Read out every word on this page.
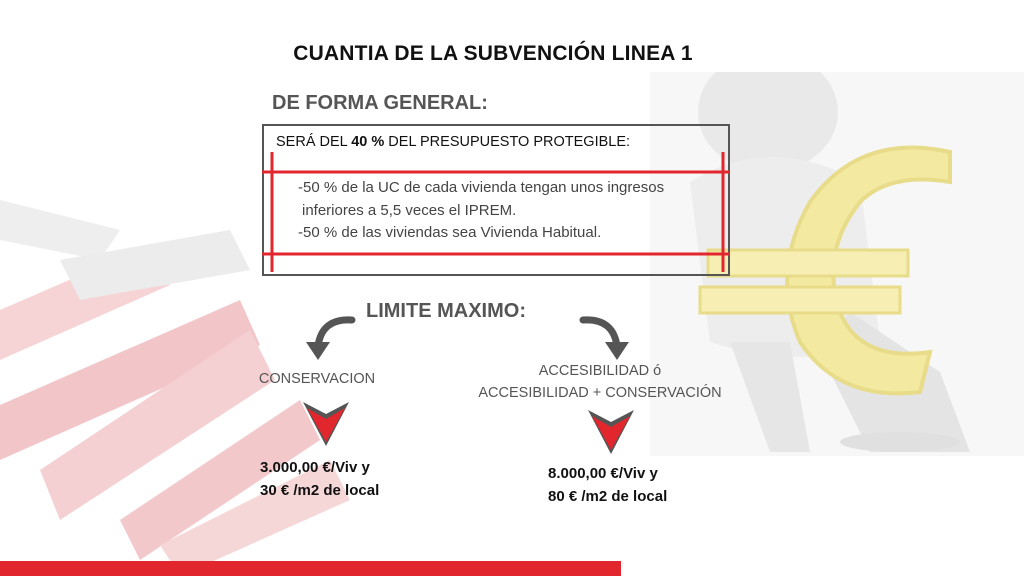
CUANTIA DE LA SUBVENCIÓN LINEA 1
DE FORMA GENERAL:
SERÁ DEL 40 % DEL PRESUPUESTO PROTEGIBLE:
-50 % de la UC de cada vivienda tengan unos ingresos
inferiores a 5,5 veces el IPREM.
-50 % de las viviendas sea Vivienda Habitual.
LIMITE MAXIMO:
CONSERVACION
3.000,00 €/Viv y
30 € /m2 de local
ACCESIBILIDAD ó
ACCESIBILIDAD + CONSERVACIÓN
8.000,00 €/Viv y
80 € /m2 de local
